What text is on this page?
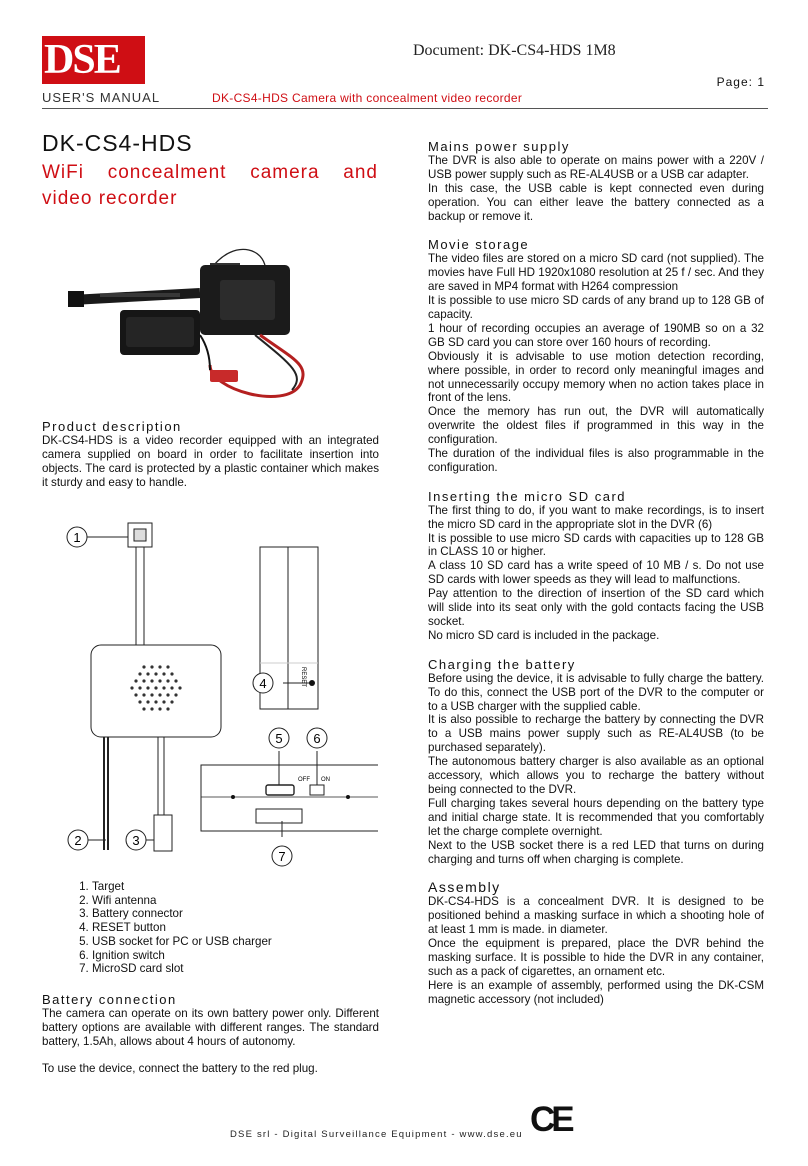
DSE	Document: DK-CS4-HDS 1M8
Page: 1
USER'S MANUAL	DK-CS4-HDS Camera with concealment video recorder
DK-CS4-HDS
WiFi concealment camera and video recorder

Product description

DK-CS4-HDS is a video recorder equipped with an integrated camera supplied on board in order to facilitate insertion into objects. The card is protected by a plastic container which makes it sturdy and easy to handle.

RESET
OFF ON
1
2	3
4
5 6
7
1. Target
2. Wifi antenna
3. Battery connector
4. RESET button
5. USB socket for PC or USB charger
6. Ignition switch
7. MicroSD card slot

Battery connection

The camera can operate on its own battery power only. Different battery options are available with different ranges. The standard battery, 1.5Ah, allows about 4 hours of autonomy.

To use the device, connect the battery to the red plug.

Mains power supply

The DVR is also able to operate on mains power with a 220V / USB power supply such as RE-AL4USB or a USB car adapter.

In this case, the USB cable is kept connected even during operation. You can either leave the battery connected as a backup or remove it.

Movie storage

The video files are stored on a micro SD card (not supplied). The movies have Full HD 1920x1080 resolution at 25 f / sec. And they are saved in MP4 format with H264 compression

It is possible to use micro SD cards of any brand up to 128 GB of capacity.

1 hour of recording occupies an average of 190MB so on a 32 GB SD card you can store over 160 hours of recording.

Obviously it is advisable to use motion detection recording, where possible, in order to record only meaningful images and not unnecessarily occupy memory when no action takes place in front of the lens.

Once the memory has run out, the DVR will automatically overwrite the oldest files if programmed in this way in the configuration.

The duration of the individual files is also programmable in the configuration.

Inserting the micro SD card

The first thing to do, if you want to make recordings, is to insert the micro SD card in the appropriate slot in the DVR (6)

It is possible to use micro SD cards with capacities up to 128 GB in CLASS 10 or higher.

A class 10 SD card has a write speed of 10 MB / s. Do not use SD cards with lower speeds as they will lead to malfunctions.

Pay attention to the direction of insertion of the SD card which will slide into its seat only with the gold contacts facing the USB socket.

No micro SD card is included in the package.

Charging the battery

Before using the device, it is advisable to fully charge the battery. To do this, connect the USB port of the DVR to the computer or to a USB charger with the supplied cable.

It is also possible to recharge the battery by connecting the DVR to a USB mains power supply such as RE-AL4USB (to be purchased separately).

The autonomous battery charger is also available as an optional accessory, which allows you to recharge the battery without being connected to the DVR.

Full charging takes several hours depending on the battery type and initial charge state. It is recommended that you comfortably let the charge complete overnight.

Next to the USB socket there is a red LED that turns on during charging and turns off when charging is complete.

Assembly

DK-CS4-HDS is a concealment DVR. It is designed to be positioned behind a masking surface in which a shooting hole of at least 1 mm is made. in diameter.

Once the equipment is prepared, place the DVR behind the masking surface. It is possible to hide the DVR in any container, such as a pack of cigarettes, an ornament etc.

Here is an example of assembly, performed using the DK-CSM magnetic accessory (not included)

DSE srl - Digital Surveillance Equipment - www.dse.eu CE
